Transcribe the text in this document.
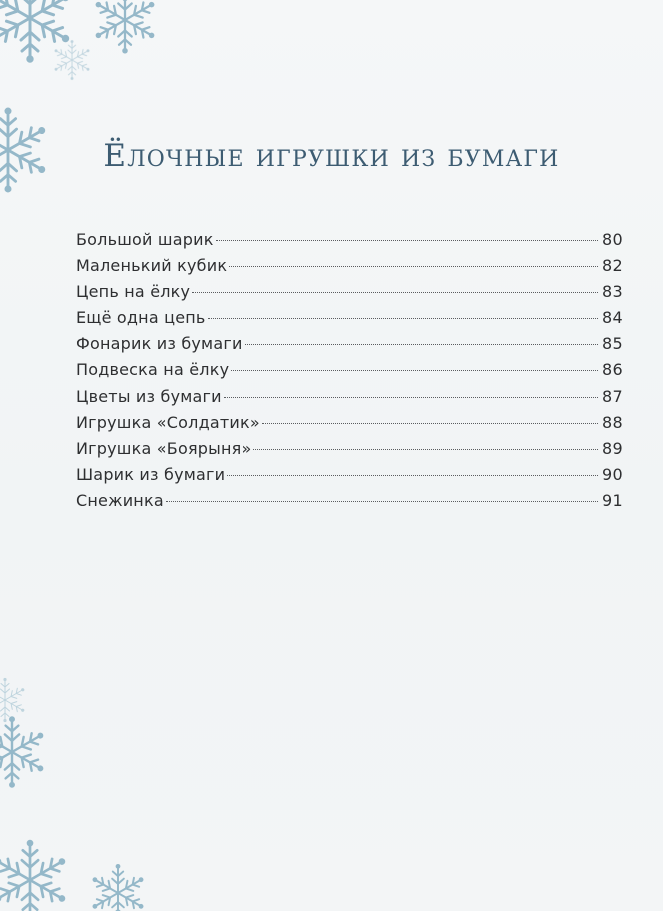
Ёлочные игрушки из бумаги
Большой шарик	80
Маленький кубик	82
Цепь на ёлку	83
Ещё одна цепь	84
Фонарик из бумаги	85
Подвеска на ёлку	86
Цветы из бумаги	87
Игрушка «Солдатик»	88
Игрушка «Боярыня»	89
Шарик из бумаги	90
Снежинка	91
